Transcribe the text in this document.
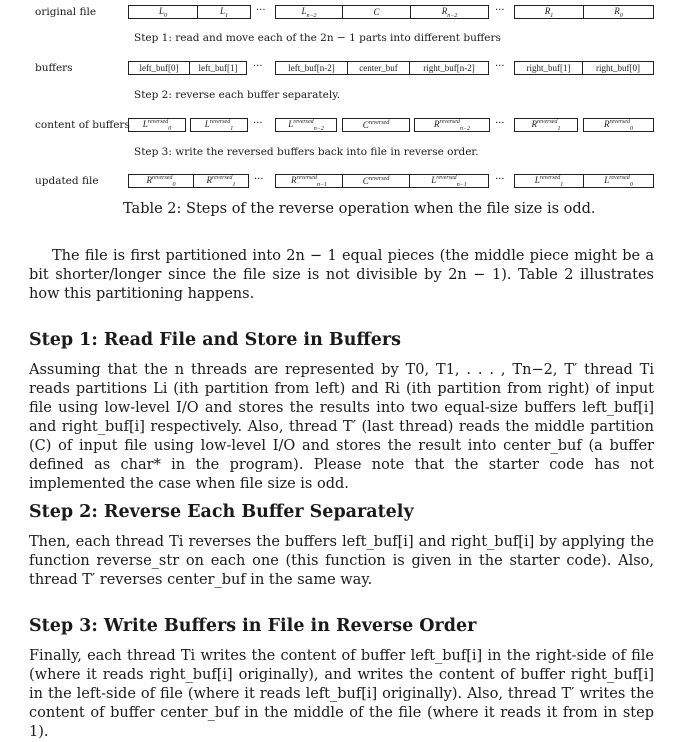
original file	$L_0$	$L_1$	···	$L_{n-2}$	C	$R_{n-2}$	···	$R_1$	$R_0$
Step 1: read and move each of the 2n − 1 parts into different buffers
buffers	left_buf[0]	left_buf[1]	···	left_buf[n-2]	center_buf	right_buf[n-2]	···	right_buf[1]	right_buf[0]
Step 2: reverse each buffer separately.
content of buffers $L^{reversed}_0$	$L^{reversed}_1$ ···	$L^{reversed}_{n-2}$	$C^{reversed}$	$R^{reversed}_{n-2}$	···	$R^{reversed}_1$	$R^{reversed}_0$
Step 3: write the reversed buffers back into file in reverse order.
updated file	$R^{reversed}_0$	$R^{reversed}_1$ ···	$R^{reversed}_{n-1}$	$C^{reversed}$	$L^{reversed}_{n-1}$	···	$L^{reversed}_1$	$L^{reversed}_0$
Table 2: Steps of the reverse operation when the file size is odd.
The file is first partitioned into 2n − 1 equal pieces (the middle piece might be a bit shorter/longer since the file size is not divisible by 2n − 1). Table 2 illustrates how this partitioning happens.
Step 1: Read File and Store in Buffers
Assuming that the n threads are represented by T0, T1, . . . , Tn−2, T′ thread Ti reads partitions Li (ith partition from left) and Ri (ith partition from right) of input file using low-level I/O and stores the results into two equal-size buffers left_buf[i] and right_buf[i] respectively. Also, thread T′ (last thread) reads the middle partition (C) of input file using low-level I/O and stores the result into center_buf (a buffer defined as char* in the program). Please note that the starter code has not implemented the case when file size is odd.
Step 2: Reverse Each Buffer Separately
Then, each thread Ti reverses the buffers left_buf[i] and right_buf[i] by applying the function reverse_str on each one (this function is given in the starter code). Also, thread T′ reverses center_buf in the same way.
Step 3: Write Buffers in File in Reverse Order
Finally, each thread Ti writes the content of buffer left_buf[i] in the right-side of file (where it reads right_buf[i] originally), and writes the content of buffer right_buf[i] in the left-side of file (where it reads left_buf[i] originally). Also, thread T′ writes the content of buffer center_buf in the middle of the file (where it reads it from in step 1).
